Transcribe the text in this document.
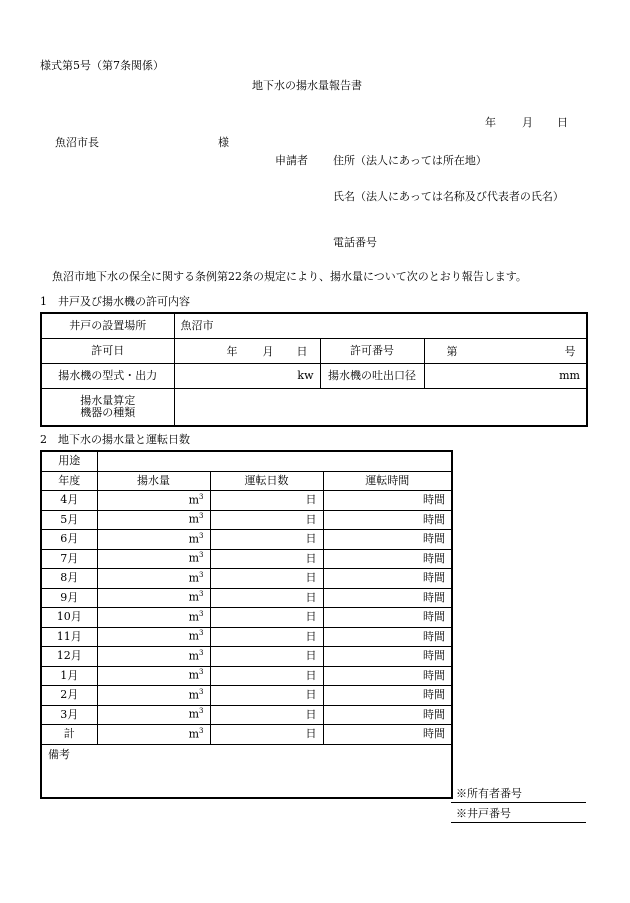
様式第5号（第7条関係）
地下水の揚水量報告書
年 月 日
魚沼市長	様
申請者 住所（法人にあっては所在地）
氏名（法人にあっては名称及び代表者の氏名）
電話番号
魚沼市地下水の保全に関する条例第22条の規定により、揚水量について次のとおり報告します。
1　井戸及び揚水機の許可内容
井戸の設置場所	魚沼市		
許可日	年 月 日	許可番号	第 号

揚水機の型式・出力	kw	揚水機の吐出口径	mm

揚水量算定
機器の種類			

2　地下水の揚水量と運転日数
用途			
年度	揚水量	運転日数	運転時間
4月	$m^3$	日	時間
5月	$m^3$	日	時間
6月	$m^3$	日	時間
7月	$m^3$	日	時間
8月	$m^3$	日	時間
9月	$m^3$	日	時間
10月	$m^3$	日	時間
11月	$m^3$	日	時間
12月	$m^3$	日	時間
1月	$m^3$	日	時間
2月	$m^3$	日	時間
3月	$m^3$	日	時間
計	$m^3$	日	時間
備考			
※所有者番号
※井戸番号
